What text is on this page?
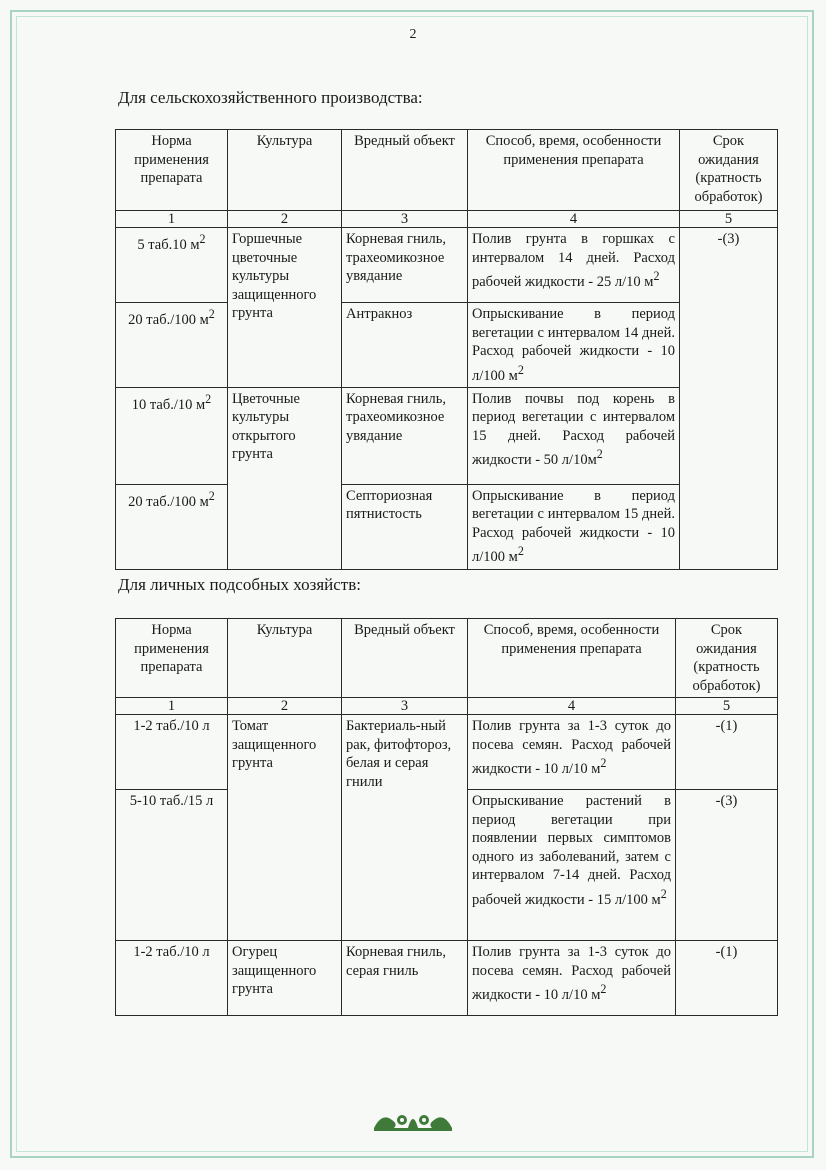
2
Для сельскохозяйственного производства:
Норма применения препарата	Культура	Вредный объект	Способ, время, особенности применения препарата	Срок ожидания (кратность обработок)
1	2	3	4	5
5 таб.10 $м^2$	Горшечные цветочные культуры защищенного грунта	Корневая гниль, трахеомикозное увядание	Полив грунта в горшках с интервалом 14 дней. Расход рабочей жидкости - 25 л/10 $м^2$	-(3)
20 таб./100 $м^2$		Антракноз	Опрыскивание в период вегетации с интервалом 14 дней. Расход рабочей жидкости - 10 л/100 $м^2$
10 таб./10 $м^2$	Цветочные культуры открытого грунта	Корневая гниль, трахеомикозное увядание	Полив почвы под корень в период вегетации с интервалом 15 дней. Расход рабочей жидкости - 50 $л/10м^2$
20 таб./100 $м^2$		Септориозная пятнистость	Опрыскивание в период вегетации с интервалом 15 дней. Расход рабочей жидкости - 10 л/100 $м^2$
Для личных подсобных хозяйств:
Норма применения препарата	Культура	Вредный объект	Способ, время, особенности применения препарата	Срок ожидания (кратность обработок)
1	2	3	4	5
1-2 таб./10 л	Томат защищенного грунта	Бактериаль-ный рак, фитофтороз, белая и серая гнили	Полив грунта за 1-3 суток до посева семян. Расход рабочей жидкости - 10 л/10 $м^2$	-(1)
5-10 таб./15 л			Опрыскивание растений в период вегетации при появлении первых симптомов одного из заболеваний, затем с интервалом 7-14 дней. Расход рабочей жидкости - 15 л/100 $м^2$	-(3)
1-2 таб./10 л	Огурец защищенного грунта	Корневая гниль, серая гниль	Полив грунта за 1-3 суток до посева семян. Расход рабочей жидкости - 10 л/10 $м^2$	-(1)
